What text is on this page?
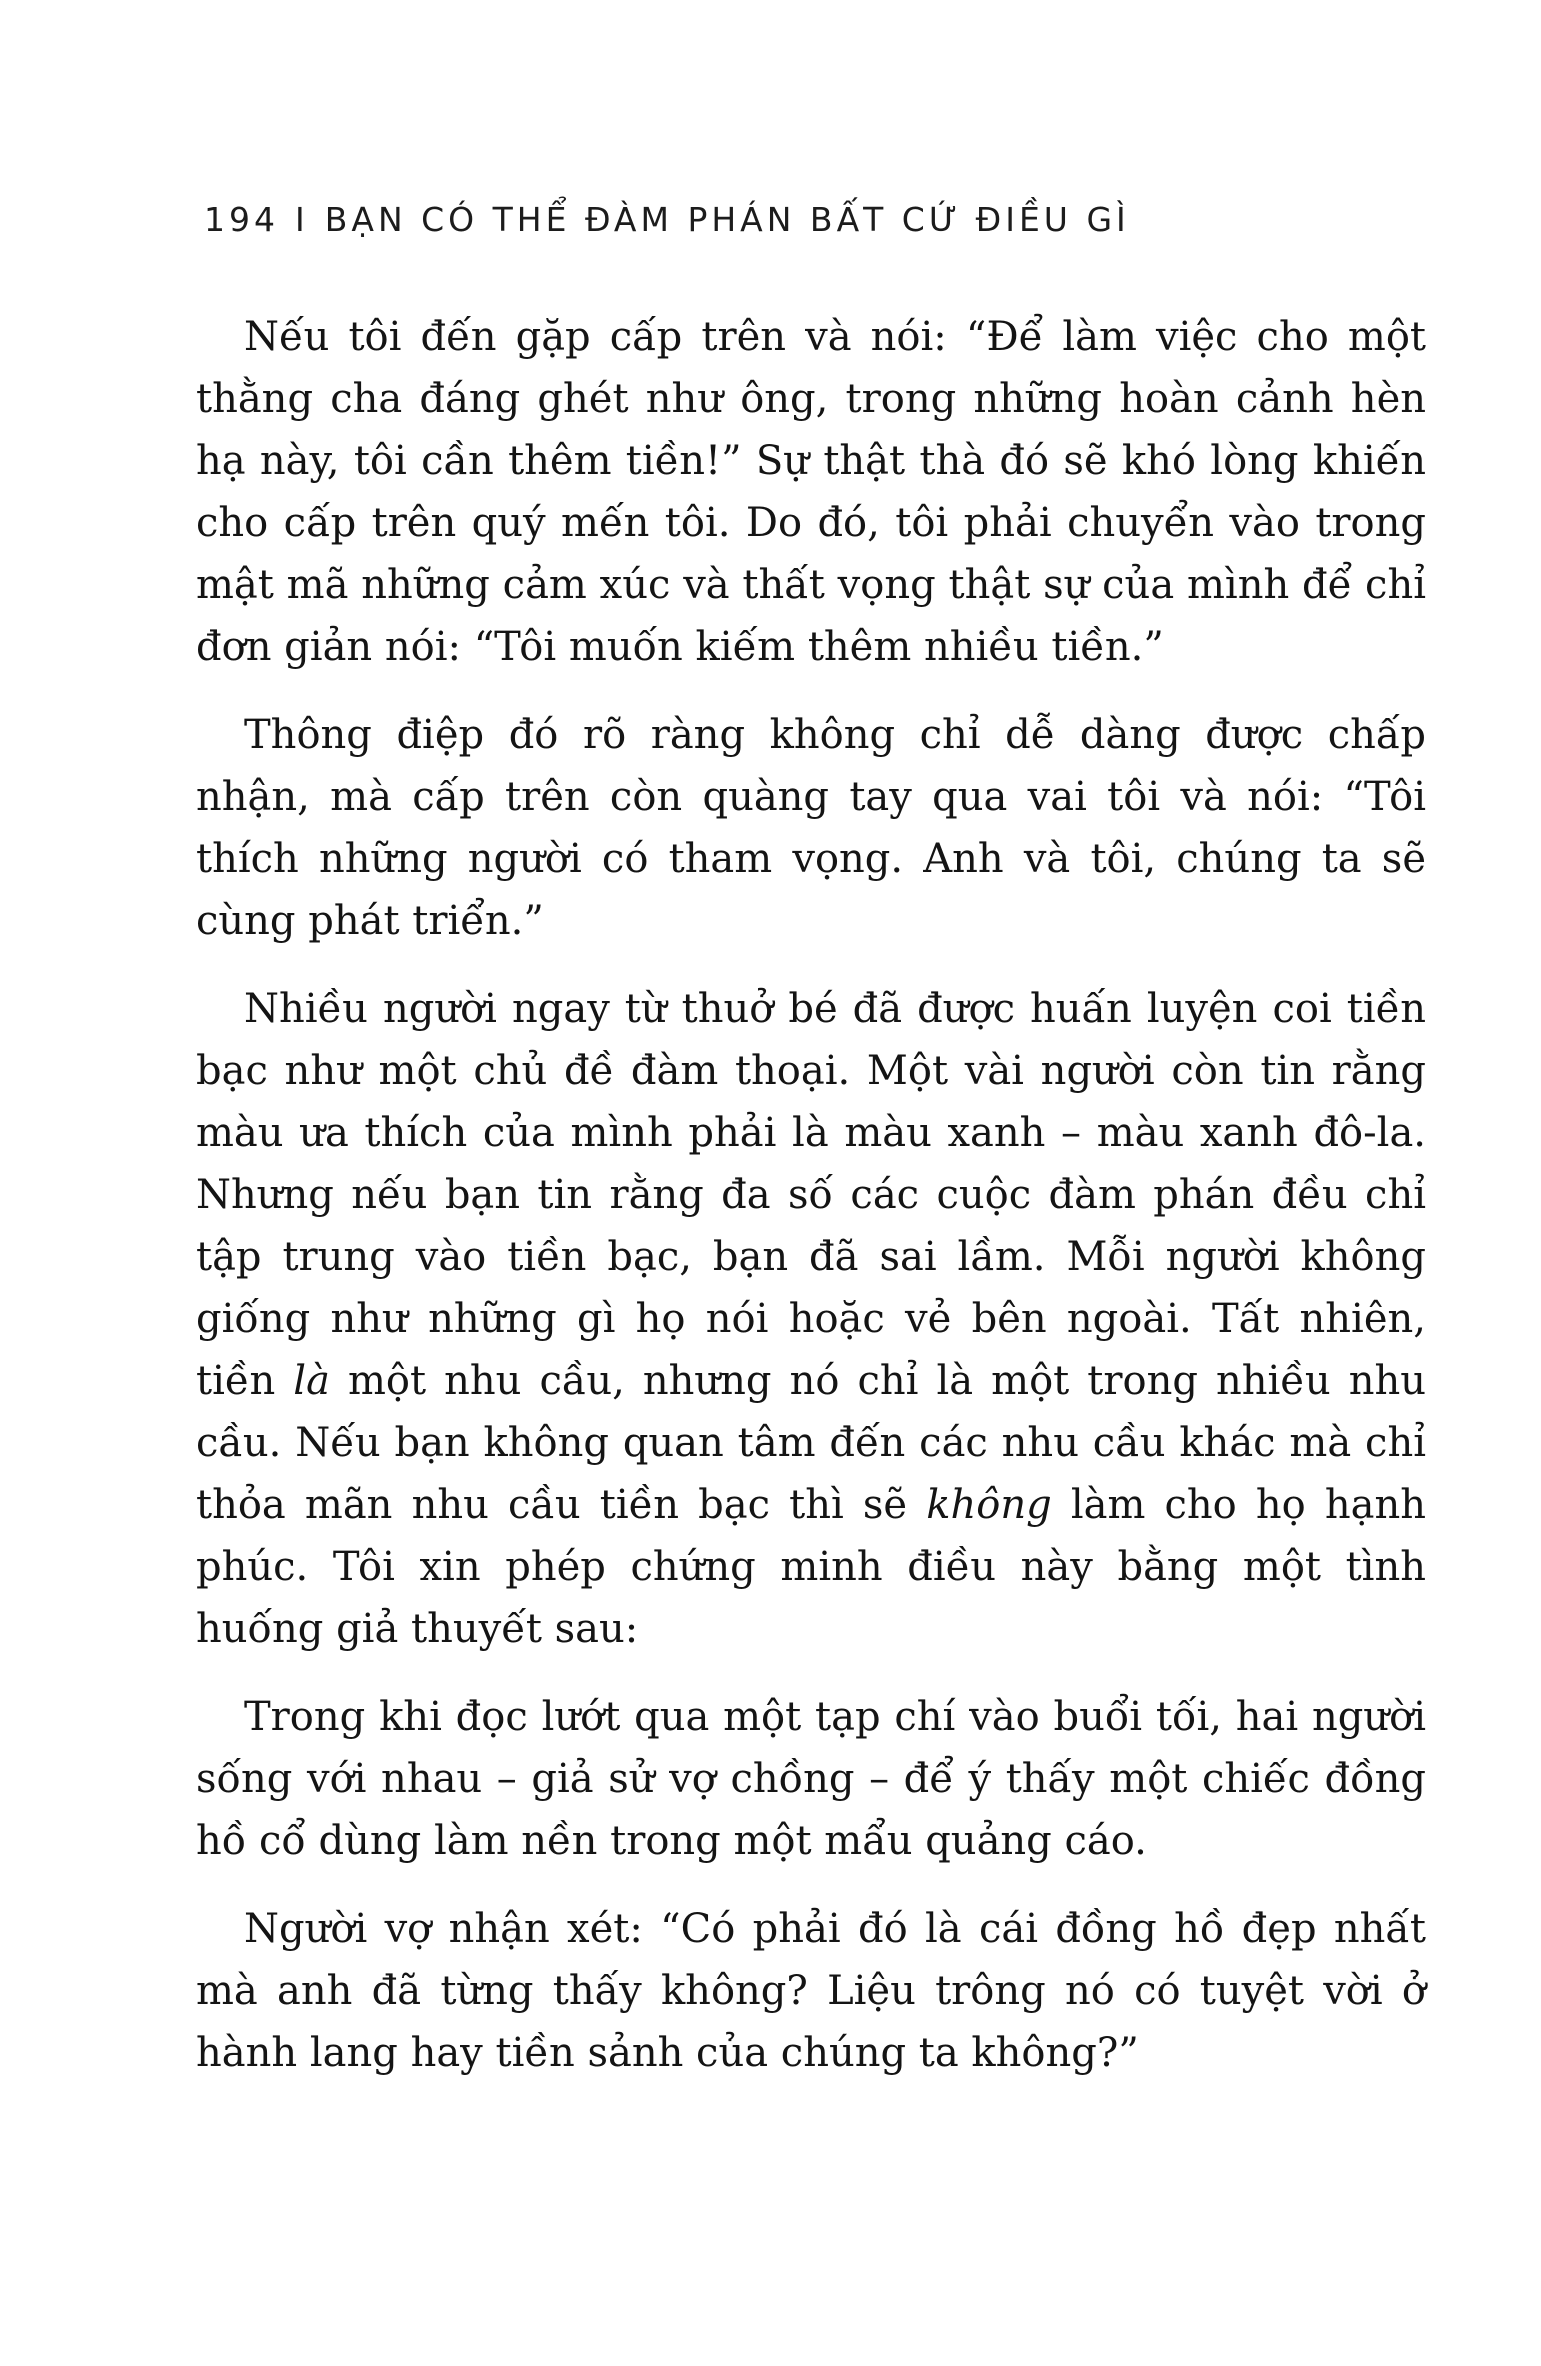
194 I BẠN CÓ THỂ ĐÀM PHÁN BẤT CỨ ĐIỀU GÌ

Nếu tôi đến gặp cấp trên và nói: “Để làm việc cho một thằng cha đáng ghét như ông, trong những hoàn cảnh hèn hạ này, tôi cần thêm tiền!” Sự thật thà đó sẽ khó lòng khiến cho cấp trên quý mến tôi. Do đó, tôi phải chuyển vào trong mật mã những cảm xúc và thất vọng thật sự của mình để chỉ đơn giản nói: “Tôi muốn kiếm thêm nhiều tiền.”

Thông điệp đó rõ ràng không chỉ dễ dàng được chấp nhận, mà cấp trên còn quàng tay qua vai tôi và nói: “Tôi thích những người có tham vọng. Anh và tôi, chúng ta sẽ cùng phát triển.”

Nhiều người ngay từ thuở bé đã được huấn luyện coi tiền bạc như một chủ đề đàm thoại. Một vài người còn tin rằng màu ưa thích của mình phải là màu xanh – màu xanh đô-la. Nhưng nếu bạn tin rằng đa số các cuộc đàm phán đều chỉ tập trung vào tiền bạc, bạn đã sai lầm. Mỗi người không giống như những gì họ nói hoặc vẻ bên ngoài. Tất nhiên, tiền là một nhu cầu, nhưng nó chỉ là một trong nhiều nhu cầu. Nếu bạn không quan tâm đến các nhu cầu khác mà chỉ thỏa mãn nhu cầu tiền bạc thì sẽ không làm cho họ hạnh phúc. Tôi xin phép chứng minh điều này bằng một tình huống giả thuyết sau:

Trong khi đọc lướt qua một tạp chí vào buổi tối, hai người sống với nhau – giả sử vợ chồng – để ý thấy một chiếc đồng hồ cổ dùng làm nền trong một mẩu quảng cáo.

Người vợ nhận xét: “Có phải đó là cái đồng hồ đẹp nhất mà anh đã từng thấy không? Liệu trông nó có tuyệt vời ở hành lang hay tiền sảnh của chúng ta không?”
